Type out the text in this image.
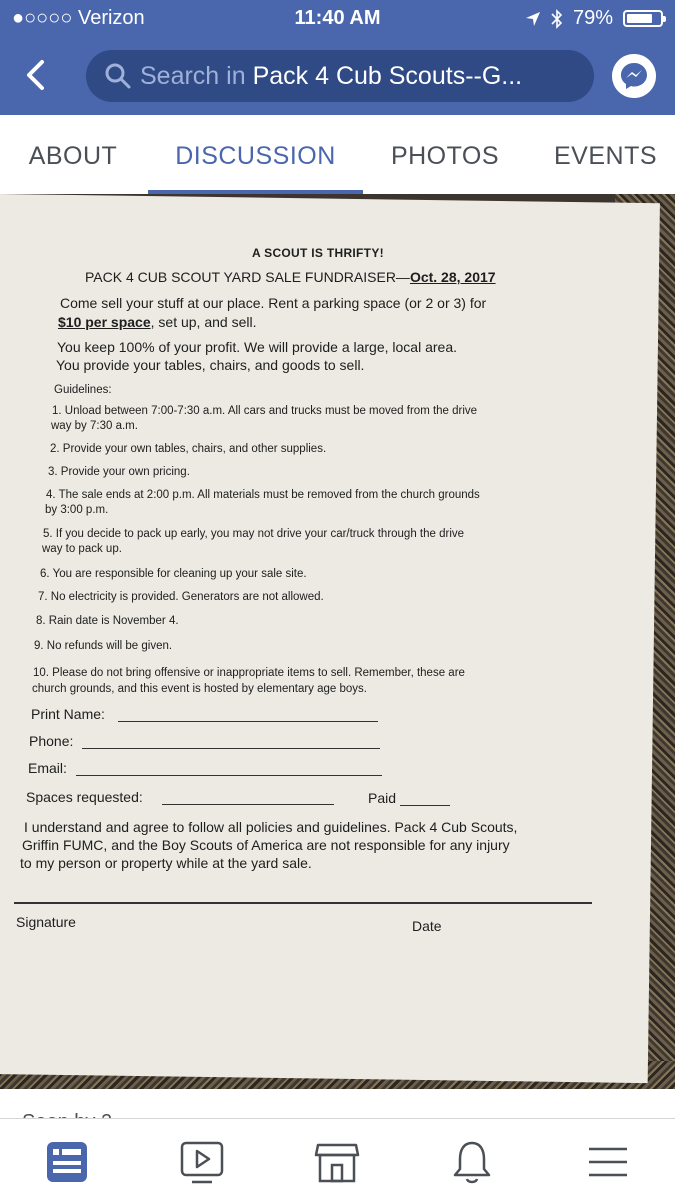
●○○○○ Verizon	11:40 AM	79%
Search in Pack 4 Cub Scouts--G...
ABOUT	DISCUSSION	PHOTOS EVENTS
A SCOUT IS THRIFTY!
PACK 4 CUB SCOUT YARD SALE FUNDRAISER—Oct. 28, 2017
Come sell your stuff at our place. Rent a parking space (or 2 or 3) for
$10 per space, set up, and sell.
You keep 100% of your profit. We will provide a large, local area.
You provide your tables, chairs, and goods to sell.
Guidelines:
1. Unload between 7:00-7:30 a.m. All cars and trucks must be moved from the drive
way by 7:30 a.m.
2. Provide your own tables, chairs, and other supplies.
3. Provide your own pricing.
4. The sale ends at 2:00 p.m. All materials must be removed from the church grounds
by 3:00 p.m.
5. If you decide to pack up early, you may not drive your car/truck through the drive
way to pack up.
6. You are responsible for cleaning up your sale site.
7. No electricity is provided. Generators are not allowed.
8. Rain date is November 4.
9. No refunds will be given.
10. Please do not bring offensive or inappropriate items to sell. Remember, these are
church grounds, and this event is hosted by elementary age boys.
Print Name:
Phone:
Email:
Spaces requested:	Paid
I understand and agree to follow all policies and guidelines. Pack 4 Cub Scouts,
Griffin FUMC, and the Boy Scouts of America are not responsible for any injury
to my person or property while at the yard sale.
Signature	Date
